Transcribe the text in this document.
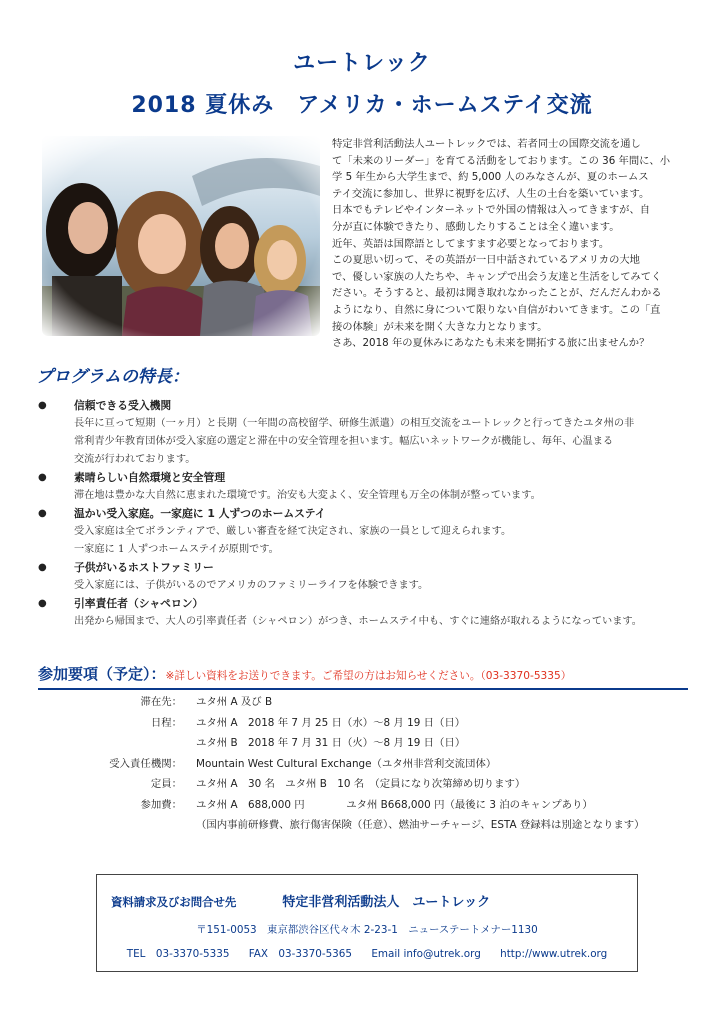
ユートレック
2018 夏休み　アメリカ・ホームステイ交流

特定非営利活動法人ユートレックでは、若者同士の国際交流を通し

て「未来のリーダー」を育てる活動をしております。この 36 年間に、小

学 5 年生から大学生まで、約 5,000 人のみなさんが、夏のホームス

テイ交流に参加し、世界に視野を広げ、人生の土台を築いています。

日本でもテレビやインターネットで外国の情報は入ってきますが、自

分が直に体験できたり、感動したりすることは全く違います。

近年、英語は国際語としてますます必要となっております。

この夏思い切って、その英語が一日中話されているアメリカの大地

で、優しい家族の人たちや、キャンプで出会う友達と生活をしてみてく

ださい。そうすると、最初は聞き取れなかったことが、だんだんわかる

ようになり、自然に身について限りない自信がわいてきます。この「直

接の体験」が未来を開く大きな力となります。

さあ、2018 年の夏休みにあなたも未来を開拓する旅に出ませんか？

プログラムの特長：
●	信頼できる受入機関
長年に亘って短期（一ヶ月）と長期（一年間の高校留学、研修生派遣）の相互交流をユートレックと行ってきたユタ州の非
常利青少年教育団体が受入家庭の選定と滞在中の安全管理を担います。幅広いネットワークが機能し、毎年、心温まる
交流が行われております。
●	素晴らしい自然環境と安全管理
滞在地は豊かな大自然に恵まれた環境です。治安も大変よく、安全管理も万全の体制が整っています。
●	温かい受入家庭。一家庭に 1 人ずつのホームステイ
受入家庭は全てボランティアで、厳しい審査を経て決定され、家族の一員として迎えられます。
一家庭に 1 人ずつホームステイが原則です。
●	子供がいるホストファミリー
受入家庭には、子供がいるのでアメリカのファミリーライフを体験できます。
●	引率責任者（シャペロン）
出発から帰国まで、大人の引率責任者（シャペロン）がつき、ホームステイ中も、すぐに連絡が取れるようになっています。
参加要項（予定）：※詳しい資料をお送りできます。ご希望の方はお知らせください。（03-3370-5335）
滞在先：	ユタ州 A 及び B
日程：	ユタ州 A　2018 年 7 月 25 日（水）～8 月 19 日（日）
ユタ州 B　2018 年 7 月 31 日（火）～8 月 19 日（日）
受入責任機関：	Mountain West Cultural Exchange（ユタ州非営利交流団体）
定員：	ユタ州 A　30 名　ユタ州 B　10 名　（定員になり次第締め切ります）
参加費：	ユタ州 A　688,000 円　　　　ユタ州 B668,000 円（最後に 3 泊のキャンプあり）
（国内事前研修費、旅行傷害保険（任意）、燃油サーチャージ、ESTA 登録料は別途となります）
資料請求及びお問合せ先	特定非営利活動法人　ユートレック
〒151-0053　東京都渋谷区代々木 2-23-1　ニューステートメナー1130
TEL　03-3370-5335 FAX　03-3370-5365 Email info@utrek.org http://www.utrek.org
